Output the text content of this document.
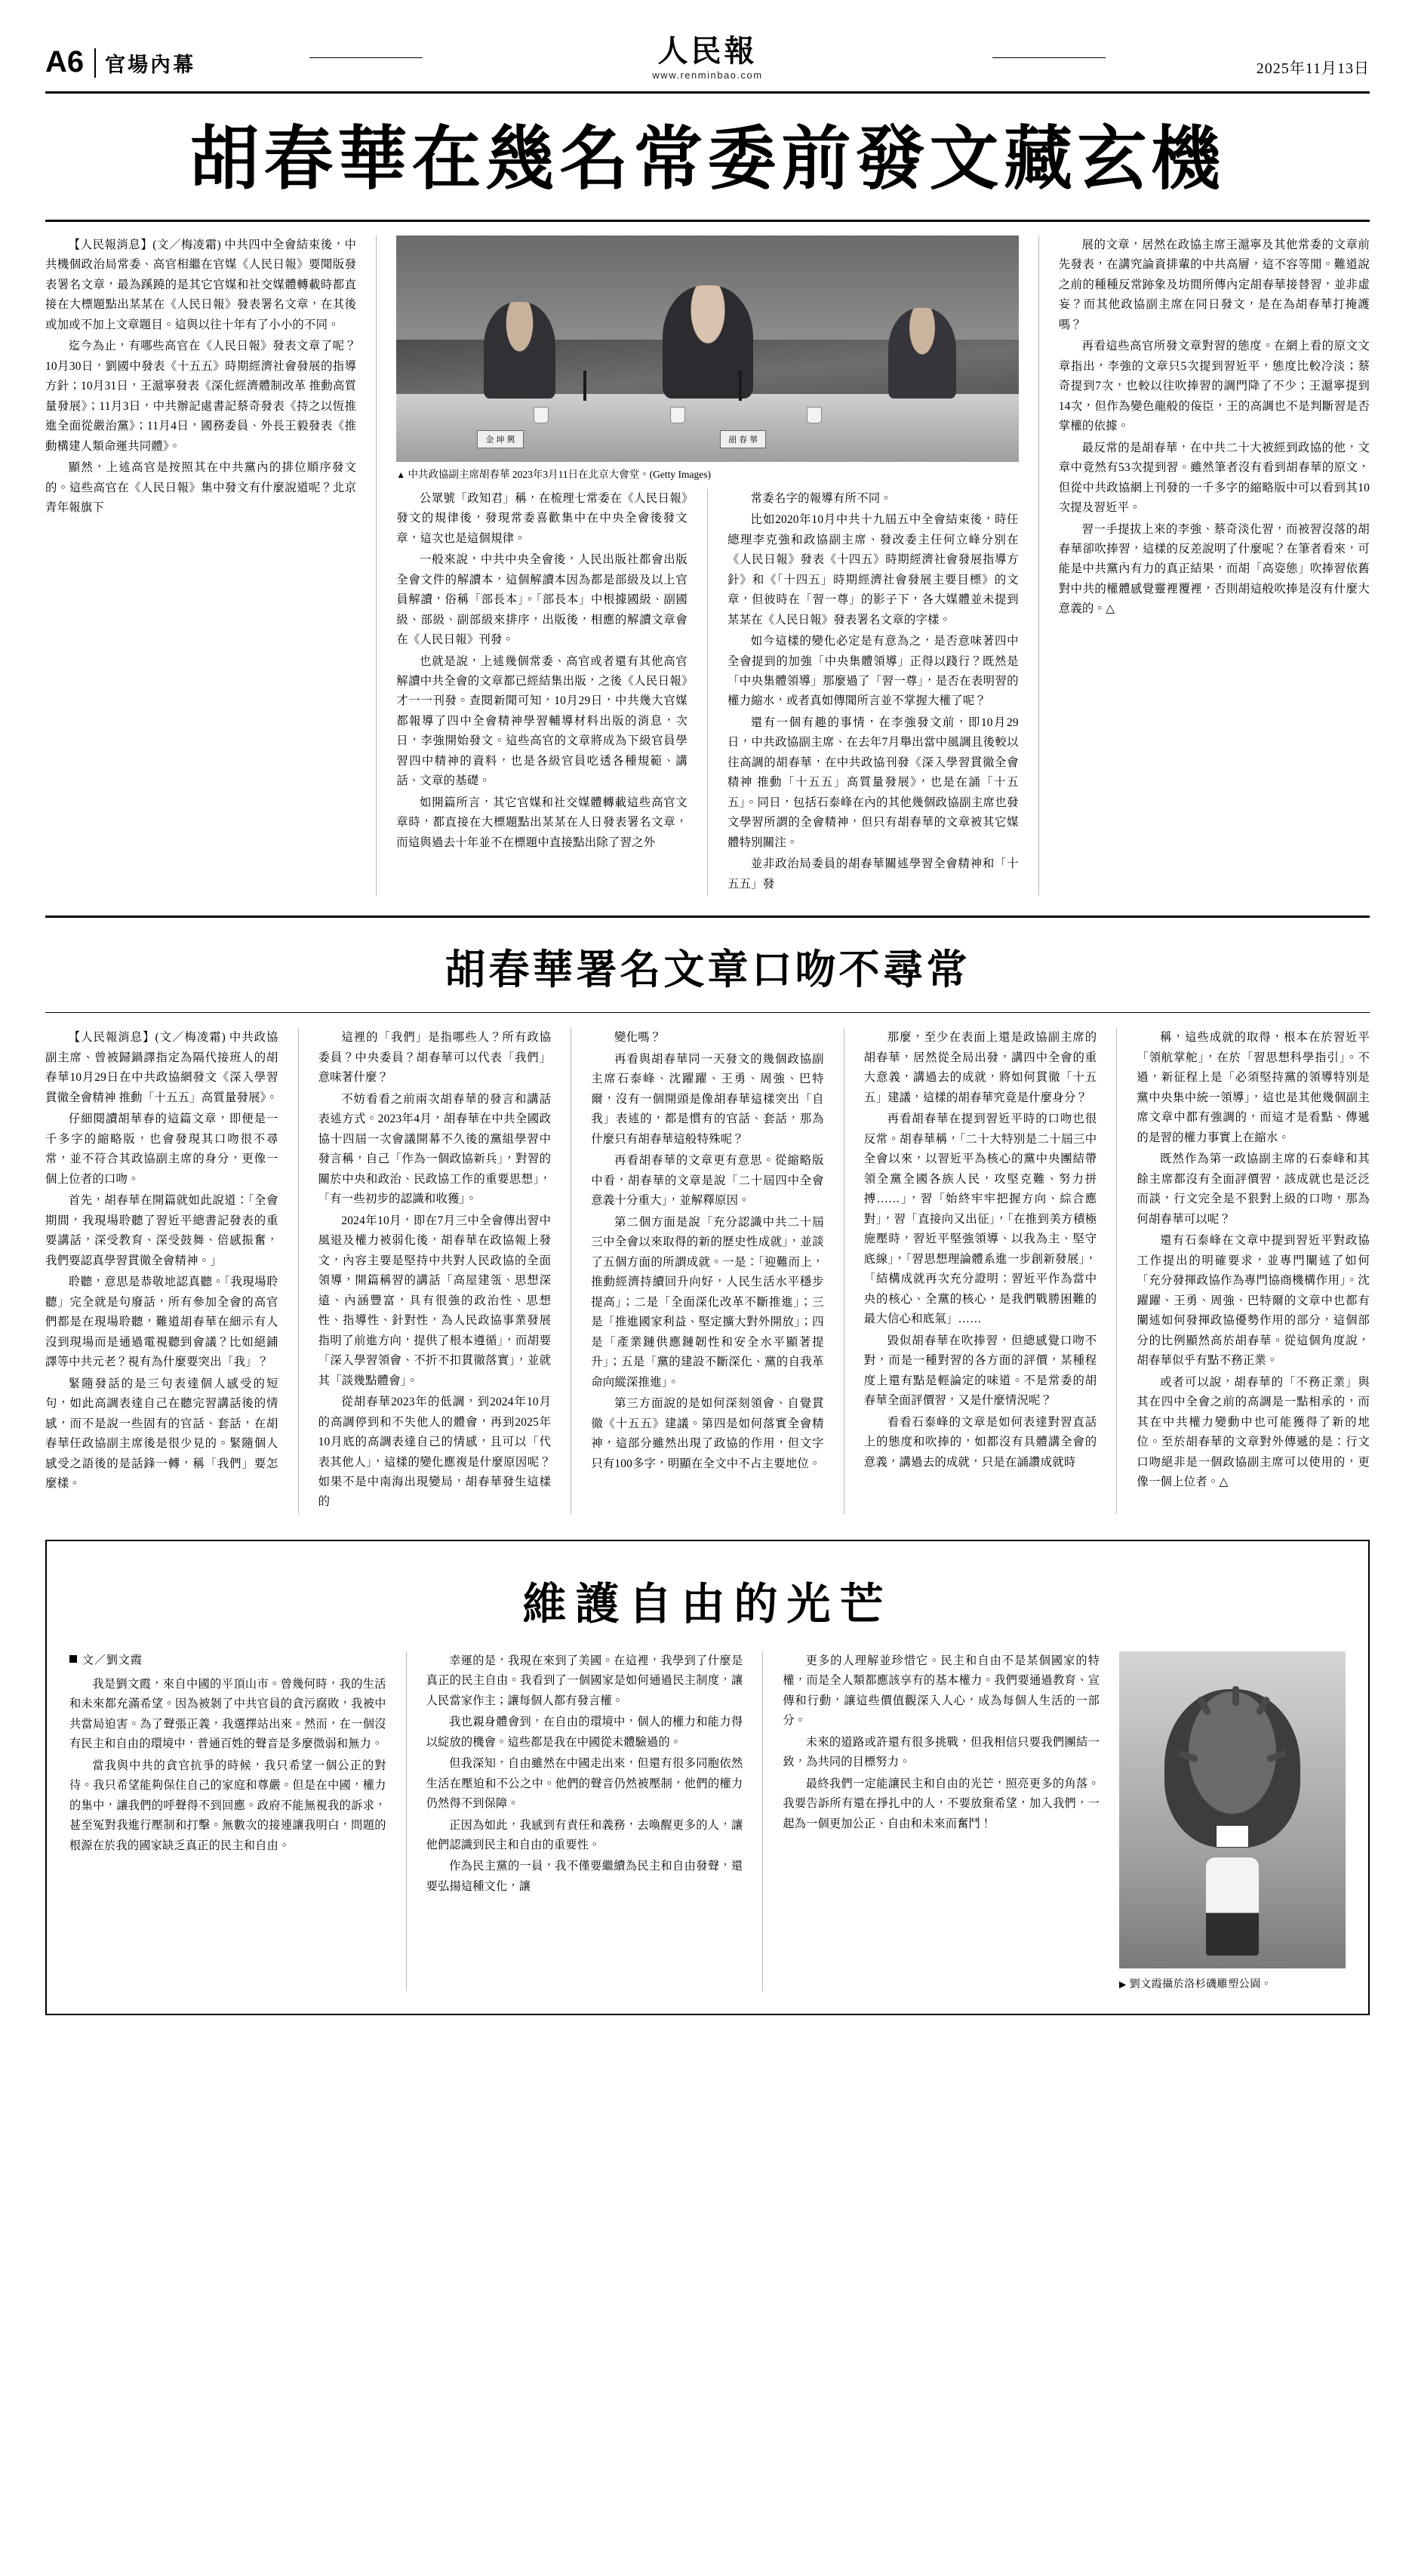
A6	官場內幕	人民報
www.renminbao.com	2025年11月13日
胡春華在幾名常委前發文藏玄機

【人民報消息】(文／梅凌霜) 中共四中全會結束後，中共機個政治局常委、高官相繼在官媒《人民日報》要聞版發表署名文章，最為蹊蹺的是其它官媒和社交媒體轉載時都直接在大標題點出某某在《人民日報》發表署名文章，在其後或加或不加上文章題目。這與以往十年有了小小的不同。

迄今為止，有哪些高官在《人民日報》發表文章了呢？10月30日，劉國中發表《十五五》時期經濟社會發展的指導方針；10月31日，王滬寧發表《深化經濟體制改革 推動高質量發展》；11月3日，中共辦記處書記蔡奇發表《持之以恆推進全面從嚴治黨》；11月4日，國務委員、外長王毅發表《推動構建人類命運共同體》。

顯然，上述高官是按照其在中共黨內的排位順序發文的。這些高官在《人民日報》集中發文有什麼說道呢？北京青年報旗下

金 坤 興	胡 春 華
▲ 中共政協副主席胡春華 2023年3月11日在北京大會堂。(Getty Images)

公眾號「政知君」稱，在梳理七常委在《人民日報》發文的規律後，發現常委喜歡集中在中央全會後發文章，這次也是這個規律。

一般來說，中共中央全會後，人民出版社都會出版全會文件的解讀本，這個解讀本因為都是部級及以上官員解讀，俗稱「部長本」。「部長本」中根據國級、副國級、部級、副部級來排序，出版後，相應的解讀文章會在《人民日報》刊發。

也就是說，上述幾個常委、高官或者還有其他高官解讀中共全會的文章都已經結集出版，之後《人民日報》才一一刊發。查閱新聞可知，10月29日，中共幾大官媒都報導了四中全會精神學習輔導材料出版的消息，次日，李強開始發文。這些高官的文章將成為下級官員學習四中精神的資料，也是各級官員吃透各種規範、講話、文章的基礎。

如開篇所言，其它官媒和社交媒體轉載這些高官文章時，都直接在大標題點出某某在人日發表署名文章，而這與過去十年並不在標題中直接點出除了習之外

常委名字的報導有所不同。

比如2020年10月中共十九屆五中全會結束後，時任總理李克強和政協副主席、發改委主任何立峰分別在《人民日報》發表《十四五》時期經濟社會發展指導方針》和《「十四五」時期經濟社會發展主要目標》的文章，但彼時在「習一尊」的影子下，各大媒體並未提到某某在《人民日報》發表署名文章的字樣。

如今這樣的變化必定是有意為之，是否意味著四中全會提到的加強「中央集體領導」正得以踐行？既然是「中央集體領導」那麼過了「習一尊」，是否在表明習的權力縮水，或者真如傳聞所言並不掌握大權了呢？

還有一個有趣的事情，在李強發文前，即10月29日，中共政協副主席、在去年7月舉出當中風調且後較以往高調的胡春華，在中共政協刊發《深入學習貫徹全會精神 推動「十五五」高質量發展》，也是在誦「十五五」。同日，包括石泰峰在內的其他幾個政協副主席也發文學習所謂的全會精神，但只有胡春華的文章被其它媒體特別關注。

並非政治局委員的胡春華關述學習全會精神和「十五五」發

展的文章，居然在政協主席王滬寧及其他常委的文章前先發表，在講究論資排輩的中共高層，這不容等閒。難道說之前的種種反常跡象及坊間所傳內定胡春華接替習，並非虛妄？而其他政協副主席在同日發文，是在為胡春華打掩護嗎？

再看這些高官所發文章對習的態度。在網上看的原文文章指出，李強的文章只5次提到習近平，態度比較冷淡；蔡奇提到7次，也較以往吹捧習的調門降了不少；王滬寧提到14次，但作為變色龍般的侫臣，王的高調也不是判斷習是否掌權的依據。

最反常的是胡春華，在中共二十大被經到政協的他，文章中竟然有53次提到習。雖然筆者沒有看到胡春華的原文，但從中共政協網上刊發的一千多字的縮略版中可以看到其10次提及習近平。

習一手提拔上來的李強、蔡奇淡化習，而被習沒落的胡春華卻吹捧習，這樣的反差說明了什麼呢？在筆者看來，可能是中共黨內有力的真正結果，而胡「高姿態」吹捧習依舊對中共的權體感覺靈裡覆裡，否則胡這般吹捧是沒有什麼大意義的。△

胡春華署名文章口吻不尋常

【人民報消息】(文／梅凌霜) 中共政協副主席、曾被歸鍋譯指定為隔代接班人的胡春華10月29日在中共政協網發文《深入學習貫徹全會精神 推動「十五五」高質量發展》。

仔細閱讀胡華春的這篇文章，即便是一千多字的縮略版，也會發現其口吻很不尋常，並不符合其政協副主席的身分，更像一個上位者的口吻。

首先，胡春華在開篇就如此說道：「全會期間，我現場聆聽了習近平總書記發表的重要講話，深受教育、深受鼓舞、倍感振奮，我們要認真學習貫徹全會精神。」

聆聽，意思是恭敬地認真聽。「我現場聆聽」完全就是句廢話，所有參加全會的高官們都是在現場聆聽，難道胡春華在細示有人沒到現場而是通過電視聽到會議？比如絕鋪譯等中共元老？視有為什麼要突出「我」？

緊隨發話的是三句表達個人感受的短句，如此高調表達自己在聽完習講話後的情感，而不是說一些固有的官話、套話，在胡春華任政協副主席後是很少見的。緊隨個人感受之語後的是話鋒一轉，稱「我們」要怎麼樣。

這裡的「我們」是指哪些人？所有政協委員？中央委員？胡春華可以代表「我們」意味著什麼？

不妨看看之前兩次胡春華的發言和講話表述方式。2023年4月，胡春華在中共全國政協十四屆一次會議開幕不久後的黨組學習中發言稱，自己「作為一個政協新兵」，對習的關於中央和政治、民政協工作的重要思想」，「有一些初步的認識和收獲」。

2024年10月，即在7月三中全會傳出習中風退及權力被弱化後，胡春華在政協報上發文，內容主要是堅持中共對人民政協的全面領導，開篇稱習的講話「高屋建瓴、思想深遠、內涵豐富，具有很強的政治性、思想性、指導性、針對性，為人民政協事業發展指明了前進方向，提供了根本遵循」，而胡要「深入學習領會、不折不扣貫徹落實」，並就其「談幾點體會」。

從胡春華2023年的低調，到2024年10月的高調停到和不失他人的體會，再到2025年10月底的高調表達自己的情感，且可以「代表其他人」，這樣的變化應複是什麼原因呢？如果不是中南海出現變局，胡春華發生這樣的

變化嗎？

再看與胡春華同一天發文的幾個政協副主席石泰峰、沈躍躍、王勇、周強、巴特爾，沒有一個開頭是像胡春華這樣突出「自我」表述的，都是慣有的官話、套話，那為什麼只有胡春華這般特殊呢？

再看胡春華的文章更有意思。從縮略版中看，胡春華的文章是說「二十屆四中全會意義十分重大」，並解釋原因。

第二個方面是說「充分認識中共二十屆三中全會以來取得的新的歷史性成就」，並談了五個方面的所謂成就。一是：「迎難而上，推動經濟持續回升向好，人民生活水平穩步提高」；二是「全面深化改革不斷推進」；三是「推進國家利益、堅定擴大對外開放」；四是「產業鏈供應鏈韌性和安全水平顯著提升」；五是「黨的建設不斷深化、黨的自我革命向縱深推進」。

第三方面說的是如何深刻領會、自覺貫徹《十五五》建議。第四是如何落實全會精神，這部分雖然出現了政協的作用，但文字只有100多字，明顯在全文中不占主要地位。

那麼，至少在表面上還是政協副主席的胡春華，居然從全局出發，講四中全會的重大意義，講過去的成就，將如何貫徹「十五五」建議，這樣的胡春華究竟是什麼身分？

再看胡春華在提到習近平時的口吻也很反常。胡春華稱，「二十大特別是二十屆三中全會以來，以習近平為核心的黨中央團結帶領全黨全國各族人民，攻堅克難、努力拼搏……」，習「始終牢牢把握方向、綜合應對」，習「直接向又出征」，「在推到美方積極施壓時，習近平堅強領導、以我為主、堅守底線」，「習思想理論體系進一步創新發展」，「結構成就再次充分證明：習近平作為當中央的核心、全黨的核心，是我們戰勝困難的最大信心和底氣」……

毀似胡春華在吹捧習，但總感覺口吻不對，而是一種對習的各方面的評價，某種程度上還有點是輕論定的味道。不是常委的胡春華全面評價習，又是什麼情況呢？

看看石泰峰的文章是如何表達對習直話上的態度和吹捧的，如都沒有具體講全會的意義，講過去的成就，只是在誦讚成就時

稱，這些成就的取得，根本在於習近平「領航掌舵」，在於「習思想科學指引」。不過，新征程上是「必須堅持黨的領導特別是黨中央集中統一領導」，這也是其他幾個副主席文章中都有強調的，而這才是看點、傳遞的是習的權力事實上在縮水。

既然作為第一政協副主席的石泰峰和其餘主席都沒有全面評價習，該成就也是泛泛而談，行文完全是不狠對上級的口吻，那為何胡春華可以呢？

還有石泰峰在文章中提到習近平對政協工作提出的明確要求，並專門闡述了如何「充分發揮政協作為專門協商機構作用」。沈躍躍、王勇、周強、巴特爾的文章中也都有闡述如何發揮政協優勢作用的部分，這個部分的比例顯然高於胡春華。從這個角度說，胡春華似乎有點不務正業。

或者可以說，胡春華的「不務正業」與其在四中全會之前的高調是一點相承的，而其在中共權力變動中也可能獲得了新的地位。至於胡春華的文章對外傳遞的是：行文口吻絕非是一個政協副主席可以使用的，更像一個上位者。△

維護自由的光芒
文／劉文霞

我是劉文霞，來自中國的平頂山市。曾幾何時，我的生活和未來都充滿希望。因為被剝了中共官員的貪污腐敗，我被中共當局迫害。為了聲張正義，我選擇站出來。然而，在一個沒有民主和自由的環境中，普通百姓的聲音是多麼微弱和無力。

當我與中共的貪官抗爭的時候，我只希望一個公正的對待。我只希望能夠保住自己的家庭和尊嚴。但是在中國，權力的集中，讓我們的呼聲得不到回應。政府不能無視我的訴求，甚至冤對我進行壓制和打擊。無數次的接連讓我明白，問題的根源在於我的國家缺乏真正的民主和自由。

幸運的是，我現在來到了美國。在這裡，我學到了什麼是真正的民主自由。我看到了一個國家是如何通過民主制度，讓人民當家作主；讓每個人都有發言權。

我也親身體會到，在自由的環境中，個人的權力和能力得以綻放的機會。這些都是我在中國從未體驗過的。

但我深知，自由雖然在中國走出來，但還有很多同胞依然生活在壓迫和不公之中。他們的聲音仍然被壓制，他們的權力仍然得不到保障。

正因為如此，我感到有責任和義務，去喚醒更多的人，讓他們認識到民主和自由的重要性。

作為民主黨的一員，我不僅要繼續為民主和自由發聲，還要弘揚這種文化，讓

更多的人理解並珍惜它。民主和自由不是某個國家的特權，而是全人類都應該享有的基本權力。我們要通過教育、宣傳和行動，讓這些價值觀深入人心，成為每個人生活的一部分。

未來的道路或許還有很多挑戰，但我相信只要我們團結一致，為共同的目標努力。

最終我們一定能讓民主和自由的光芒，照亮更多的角落。我要告訴所有還在掙扎中的人，不要放棄希望，加入我們，一起為一個更加公正、自由和未來而奮鬥！

▶ 劉文霞攝於洛杉磯雕塑公園。
